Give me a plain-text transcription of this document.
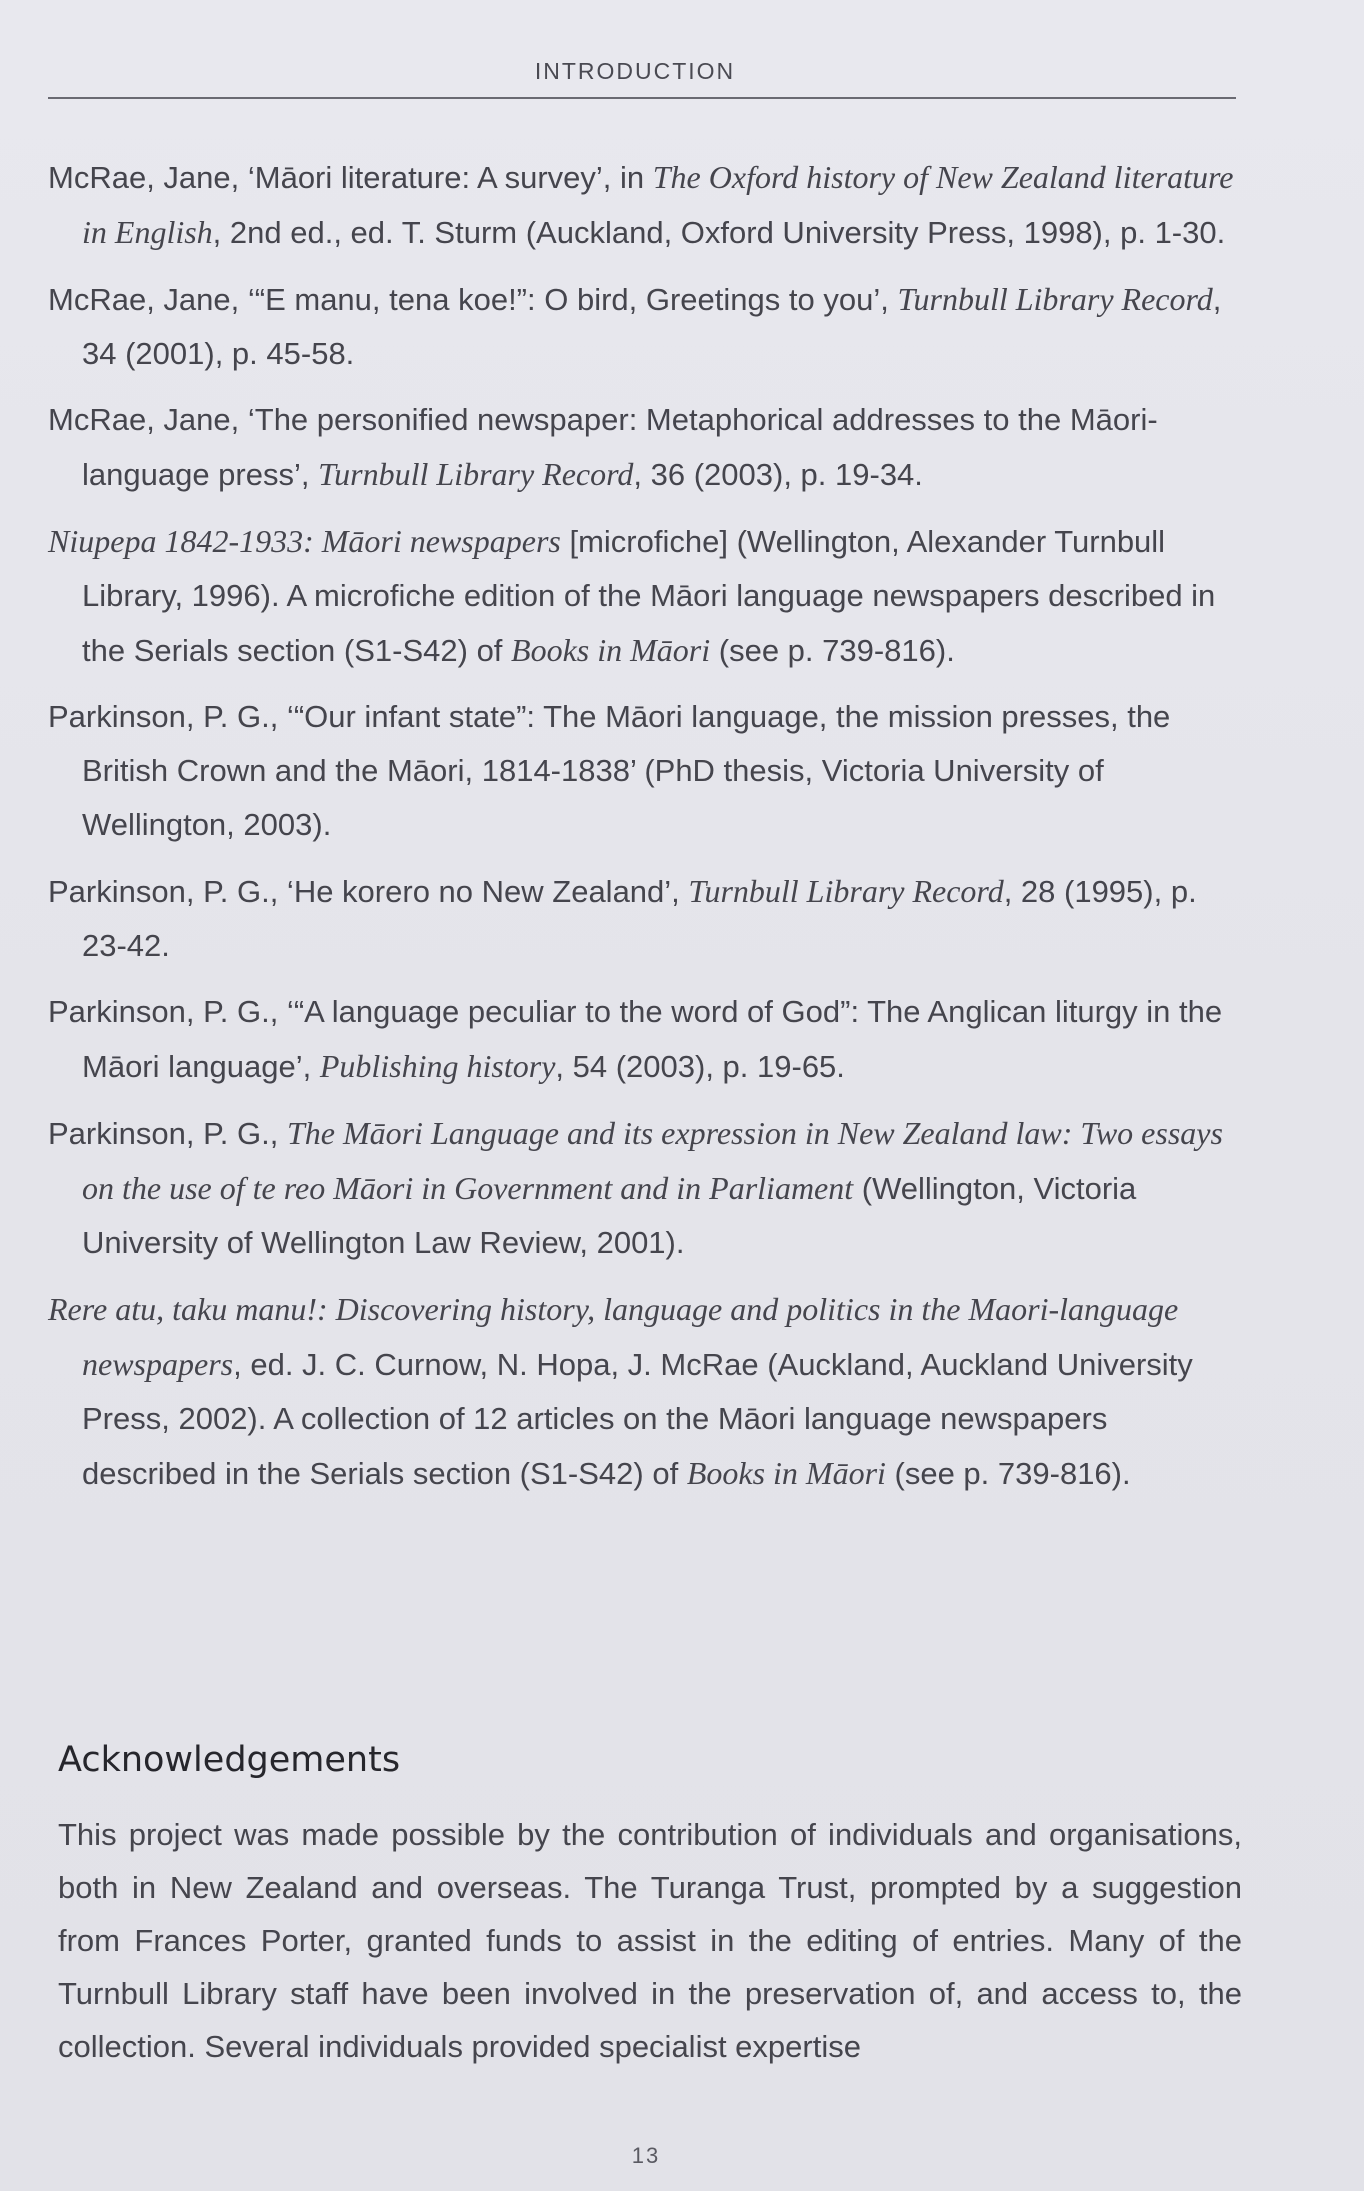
INTRODUCTION

McRae, Jane, ‘Māori literature: A survey’, in The Oxford history of New Zealand literature in English, 2nd ed., ed. T. Sturm (Auckland, Oxford University Press, 1998), p. 1-30.

McRae, Jane, ‘“E manu, tena koe!”: O bird, Greetings to you’, Turnbull Library Record, 34 (2001), p. 45-58.

McRae, Jane, ‘The personified newspaper: Metaphorical addresses to the Māori-language press’, Turnbull Library Record, 36 (2003), p. 19-34.

Niupepa 1842-1933: Māori newspapers [microfiche] (Wellington, Alexander Turnbull Library, 1996). A microfiche edition of the Māori language newspapers described in the Serials section (S1-S42) of Books in Māori (see p. 739-816).

Parkinson, P. G., ‘“Our infant state”: The Māori language, the mission presses, the British Crown and the Māori, 1814-1838’ (PhD thesis, Victoria University of Wellington, 2003).

Parkinson, P. G., ‘He korero no New Zealand’, Turnbull Library Record, 28 (1995), p. 23-42.

Parkinson, P. G., ‘“A language peculiar to the word of God”: The Anglican liturgy in the Māori language’, Publishing history, 54 (2003), p. 19-65.

Parkinson, P. G., The Māori Language and its expression in New Zealand law: Two essays on the use of te reo Māori in Government and in Parliament (Wellington, Victoria University of Wellington Law Review, 2001).

Rere atu, taku manu!: Discovering history, language and politics in the Maori-language newspapers, ed. J. C. Curnow, N. Hopa, J. McRae (Auckland, Auckland University Press, 2002). A collection of 12 articles on the Māori language newspapers described in the Serials section (S1-S42) of Books in Māori (see p. 739-816).

Acknowledgements

This project was made possible by the contribution of individuals and organisations, both in New Zealand and overseas. The Turanga Trust, prompted by a suggestion from Frances Porter, granted funds to assist in the editing of entries. Many of the Turnbull Library staff have been involved in the preservation of, and access to, the collection. Several individuals provided specialist expertise

13
